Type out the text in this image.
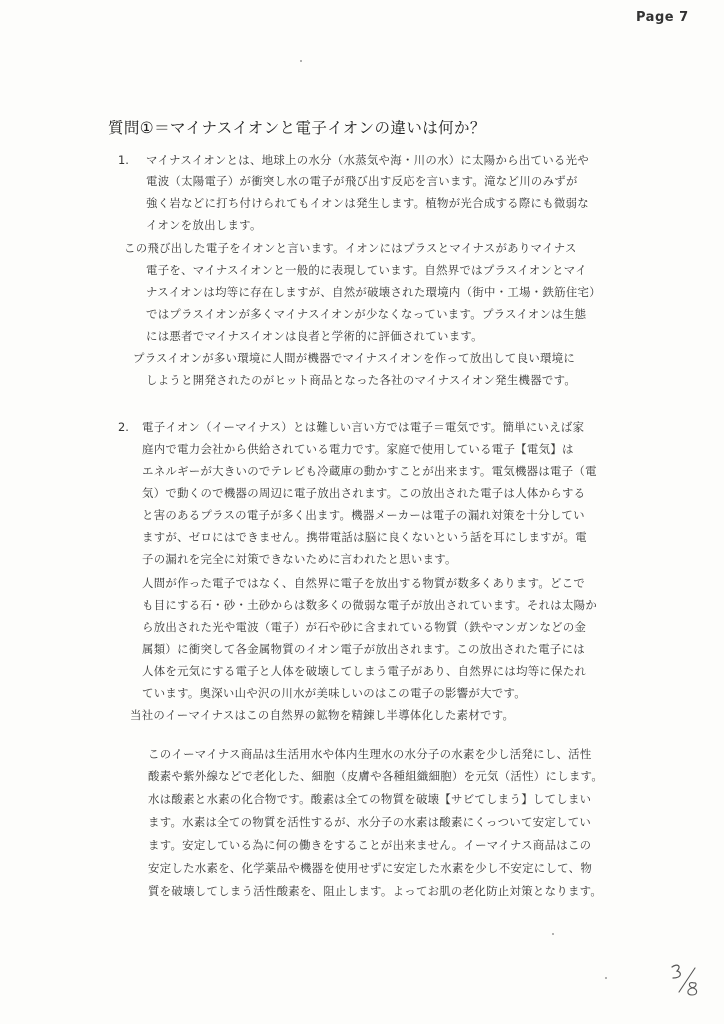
Page 7
質問①＝マイナスイオンと電子イオンの違いは何か？
1. マイナスイオンとは、地球上の水分（水蒸気や海・川の水）に太陽から出ている光や
電波（太陽電子）が衝突し水の電子が飛び出す反応を言います。滝など川のみずが
強く岩などに打ち付けられてもイオンは発生します。植物が光合成する際にも微弱な
イオンを放出します。
この飛び出した電子をイオンと言います。イオンにはプラスとマイナスがありマイナス
電子を、マイナスイオンと一般的に表現しています。自然界ではプラスイオンとマイ
ナスイオンは均等に存在しますが、自然が破壊された環境内（街中・工場・鉄筋住宅）
ではプラスイオンが多くマイナスイオンが少なくなっています。プラスイオンは生態
には悪者でマイナスイオンは良者と学術的に評価されています。
プラスイオンが多い環境に人間が機器でマイナスイオンを作って放出して良い環境に
しようと開発されたのがヒット商品となった各社のマイナスイオン発生機器です。
2. 電子イオン（イーマイナス）とは難しい言い方では電子＝電気です。簡単にいえば家
庭内で電力会社から供給されている電力です。家庭で使用している電子【電気】は
エネルギーが大きいのでテレビも冷蔵庫の動かすことが出来ます。電気機器は電子（電
気）で動くので機器の周辺に電子放出されます。この放出された電子は人体からする
と害のあるプラスの電子が多く出ます。機器メーカーは電子の漏れ対策を十分してい
ますが、ゼロにはできません。携帯電話は脳に良くないという話を耳にしますが。電
子の漏れを完全に対策できないために言われたと思います。
人間が作った電子ではなく、自然界に電子を放出する物質が数多くあります。どこで
も目にする石・砂・土砂からは数多くの微弱な電子が放出されています。それは太陽か
ら放出された光や電波（電子）が石や砂に含まれている物質（鉄やマンガンなどの金
属類）に衝突して各金属物質のイオン電子が放出されます。この放出された電子には
人体を元気にする電子と人体を破壊してしまう電子があり、自然界には均等に保たれ
ています。奥深い山や沢の川水が美味しいのはこの電子の影響が大です。
当社のイーマイナスはこの自然界の鉱物を精錬し半導体化した素材です。
このイーマイナス商品は生活用水や体内生理水の水分子の水素を少し活発にし、活性
酸素や紫外線などで老化した、細胞（皮膚や各種組織細胞）を元気（活性）にします。
水は酸素と水素の化合物です。酸素は全ての物質を破壊【サビてしまう】してしまい
ます。水素は全ての物質を活性するが、水分子の水素は酸素にくっついて安定してい
ます。安定している為に何の働きをすることが出来ません。イーマイナス商品はこの
安定した水素を、化学薬品や機器を使用せずに安定した水素を少し不安定にして、物
質を破壊してしまう活性酸素を、阻止します。よってお肌の老化防止対策となります。
